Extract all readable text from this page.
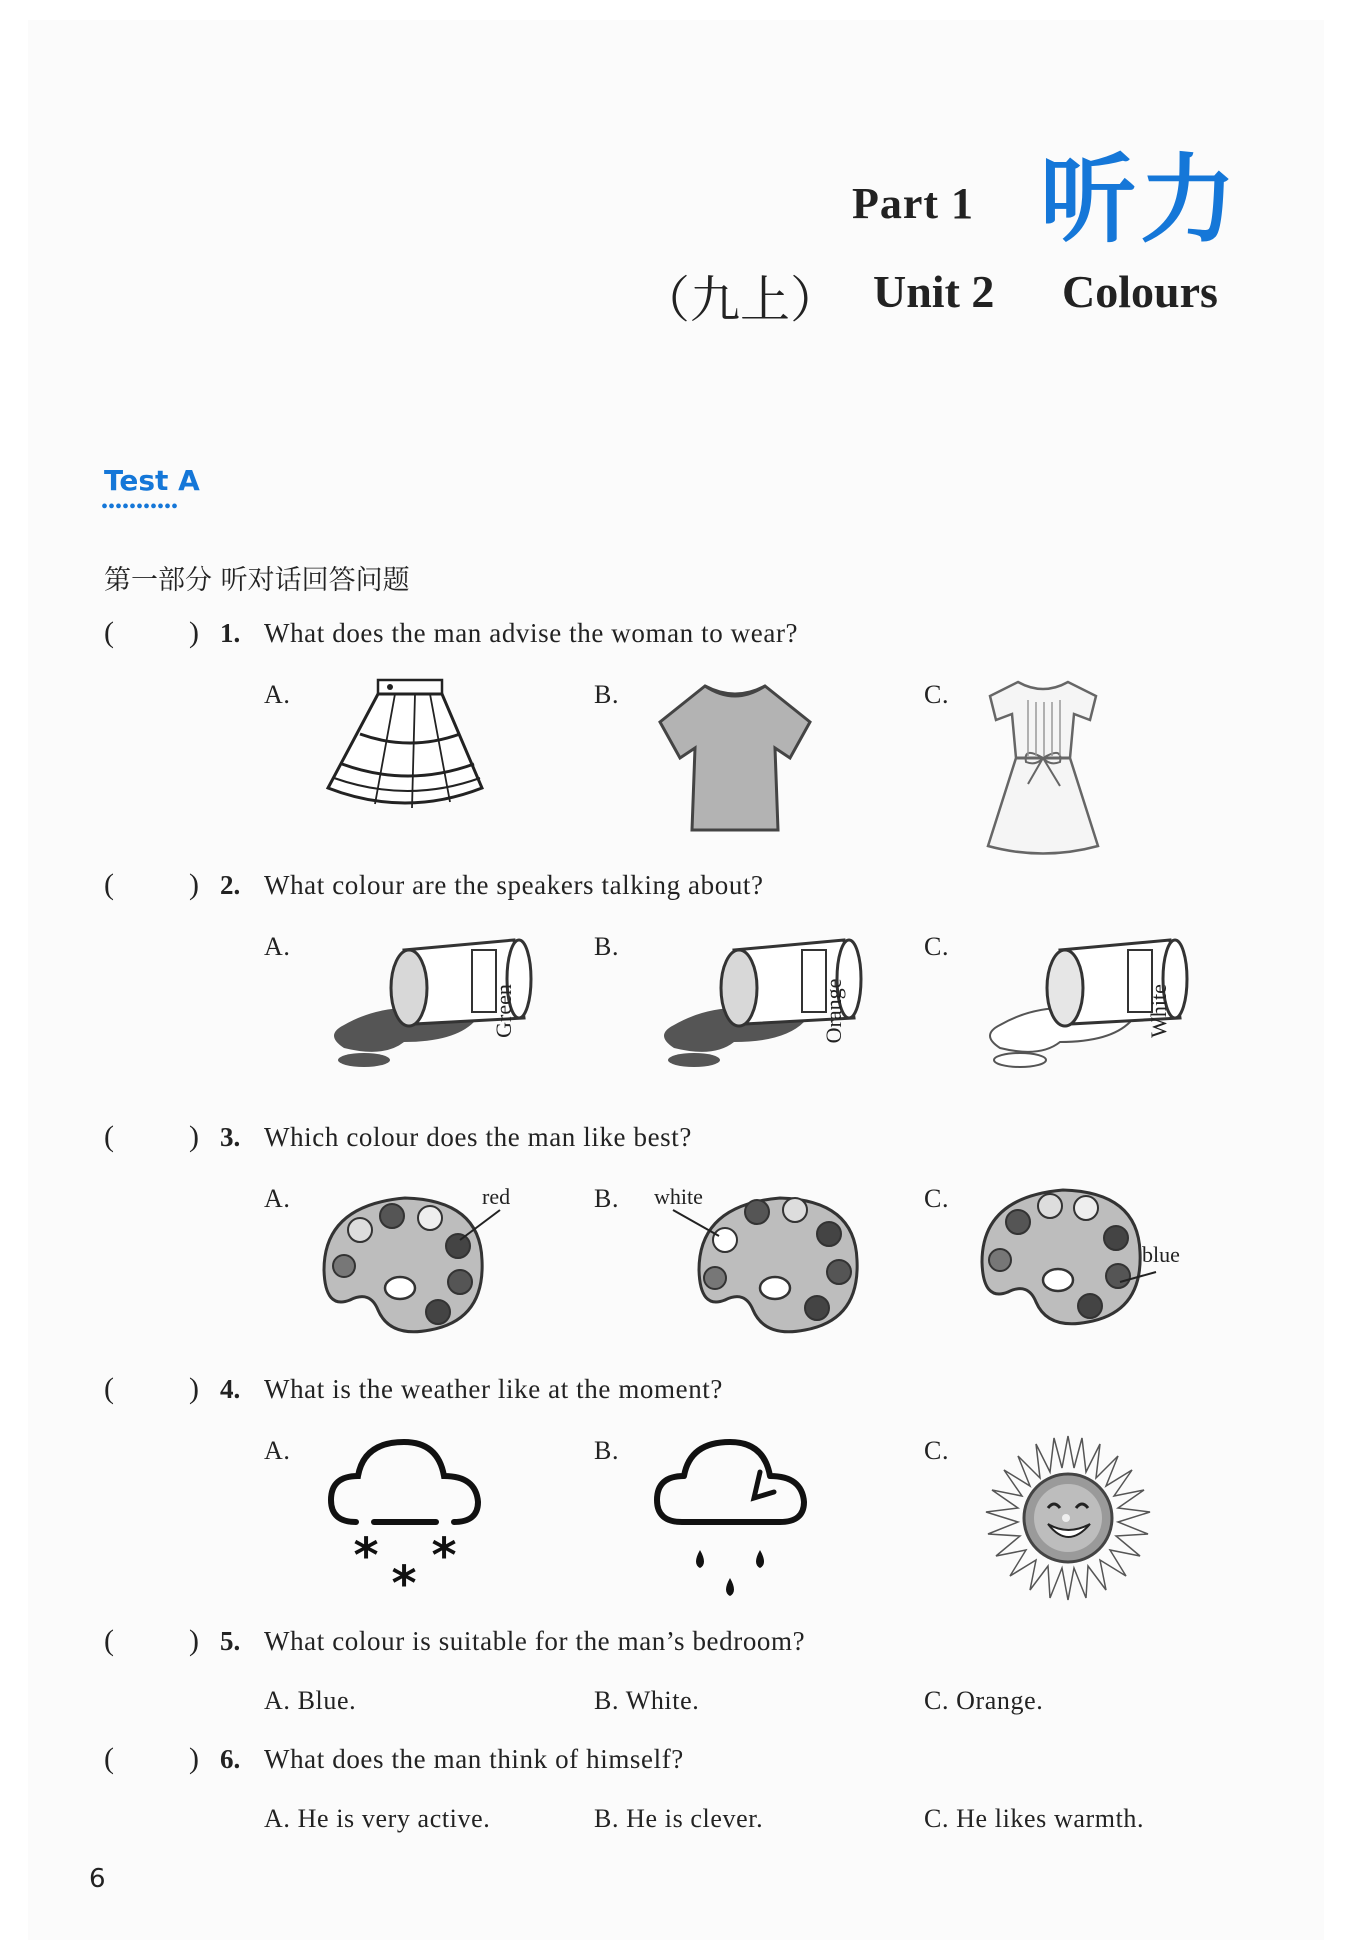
Part 1 听力
（九上） Unit 2 Colours
Test A
•••••••••••
第一部分 听对话回答问题
(          ) 1. What does the man advise the woman to wear?
A.	B.	C.
(          ) 2. What colour are the speakers talking about?
A.	B.	C.
Green	Orange	White
(          ) 3. Which colour does the man like best?
A.	B.	C.
red	white
blue
(          ) 4. What is the weather like at the moment?
A.	B.	C.
* *
*
(          ) 5. What colour is suitable for the man’s bedroom?
A. Blue.	B. White.	C. Orange.
(          ) 6. What does the man think of himself?
A. He is very active.	B. He is clever.	C. He likes warmth.
6
